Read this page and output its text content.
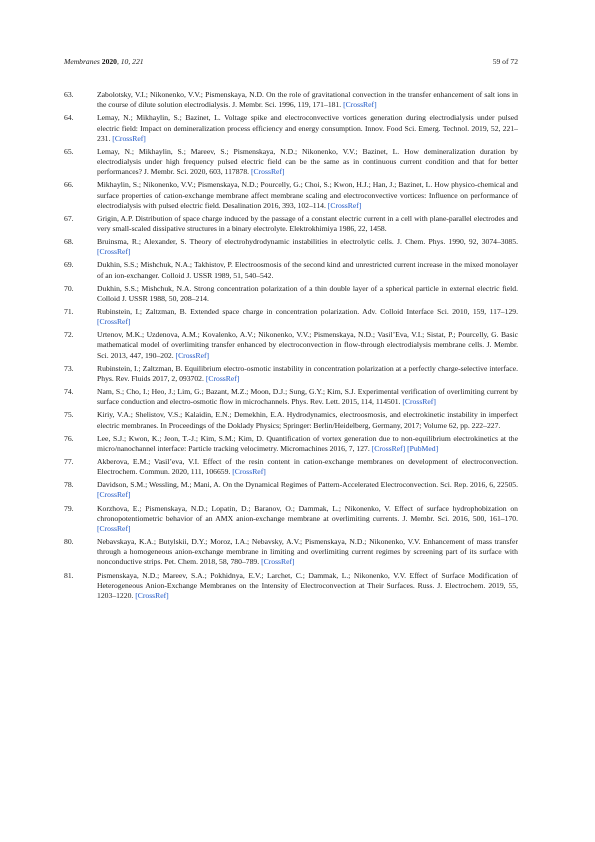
Membranes 2020, 10, 221	59 of 72
63.	Zabolotsky, V.I.; Nikonenko, V.V.; Pismenskaya, N.D. On the role of gravitational convection in the transfer enhancement of salt ions in the course of dilute solution electrodialysis. J. Membr. Sci. 1996, 119, 171–181. [CrossRef]
64.	Lemay, N.; Mikhaylin, S.; Bazinet, L. Voltage spike and electroconvective vortices generation during electrodialysis under pulsed electric field: Impact on demineralization process efficiency and energy consumption. Innov. Food Sci. Emerg. Technol. 2019, 52, 221–231. [CrossRef]
65.	Lemay, N.; Mikhaylin, S.; Mareev, S.; Pismenskaya, N.D.; Nikonenko, V.V.; Bazinet, L. How demineralization duration by electrodialysis under high frequency pulsed electric field can be the same as in continuous current condition and that for better performances? J. Membr. Sci. 2020, 603, 117878. [CrossRef]
66.	Mikhaylin, S.; Nikonenko, V.V.; Pismenskaya, N.D.; Pourcelly, G.; Choi, S.; Kwon, H.J.; Han, J.; Bazinet, L. How physico-chemical and surface properties of cation-exchange membrane affect membrane scaling and electroconvective vortices: Influence on performance of electrodialysis with pulsed electric field. Desalination 2016, 393, 102–114. [CrossRef]
67.	Grigin, A.P. Distribution of space charge induced by the passage of a constant electric current in a cell with plane-parallel electrodes and very small-scaled dissipative structures in a binary electrolyte. Elektrokhimiya 1986, 22, 1458.
68.	Bruinsma, R.; Alexander, S. Theory of electrohydrodynamic instabilities in electrolytic cells. J. Chem. Phys. 1990, 92, 3074–3085. [CrossRef]
69.	Dukhin, S.S.; Mishchuk, N.A.; Takhistov, P. Electroosmosis of the second kind and unrestricted current increase in the mixed monolayer of an ion-exchanger. Colloid J. USSR 1989, 51, 540–542.
70.	Dukhin, S.S.; Mishchuk, N.A. Strong concentration polarization of a thin double layer of a spherical particle in external electric field. Colloid J. USSR 1988, 50, 208–214.
71.	Rubinstein, I.; Zaltzman, B. Extended space charge in concentration polarization. Adv. Colloid Interface Sci. 2010, 159, 117–129. [CrossRef]
72.	Urtenov, M.K.; Uzdenova, A.M.; Kovalenko, A.V.; Nikonenko, V.V.; Pismenskaya, N.D.; Vasil’Eva, V.I.; Sistat, P.; Pourcelly, G. Basic mathematical model of overlimiting transfer enhanced by electroconvection in flow-through electrodialysis membrane cells. J. Membr. Sci. 2013, 447, 190–202. [CrossRef]
73.	Rubinstein, I.; Zaltzman, B. Equilibrium electro-osmotic instability in concentration polarization at a perfectly charge-selective interface. Phys. Rev. Fluids 2017, 2, 093702. [CrossRef]
74.	Nam, S.; Cho, I.; Heo, J.; Lim, G.; Bazant, M.Z.; Moon, D.J.; Sung, G.Y.; Kim, S.J. Experimental verification of overlimiting current by surface conduction and electro-osmotic flow in microchannels. Phys. Rev. Lett. 2015, 114, 114501. [CrossRef]
75.	Kiriy, V.A.; Shelistov, V.S.; Kalaidin, E.N.; Demekhin, E.A. Hydrodynamics, electroosmosis, and electrokinetic instability in imperfect electric membranes. In Proceedings of the Doklady Physics; Springer: Berlin/Heidelberg, Germany, 2017; Volume 62, pp. 222–227.
76.	Lee, S.J.; Kwon, K.; Jeon, T.-J.; Kim, S.M.; Kim, D. Quantification of vortex generation due to non-equilibrium electrokinetics at the micro/nanochannel interface: Particle tracking velocimetry. Micromachines 2016, 7, 127. [CrossRef] [PubMed]
77.	Akberova, E.M.; Vasil’eva, V.I. Effect of the resin content in cation-exchange membranes on development of electroconvection. Electrochem. Commun. 2020, 111, 106659. [CrossRef]
78.	Davidson, S.M.; Wessling, M.; Mani, A. On the Dynamical Regimes of Pattern-Accelerated Electroconvection. Sci. Rep. 2016, 6, 22505. [CrossRef]
79.	Korzhova, E.; Pismenskaya, N.D.; Lopatin, D.; Baranov, O.; Dammak, L.; Nikonenko, V. Effect of surface hydrophobization on chronopotentiometric behavior of an AMX anion-exchange membrane at overlimiting currents. J. Membr. Sci. 2016, 500, 161–170. [CrossRef]
80.	Nebavskaya, K.A.; Butylskii, D.Y.; Moroz, I.A.; Nebavsky, A.V.; Pismenskaya, N.D.; Nikonenko, V.V. Enhancement of mass transfer through a homogeneous anion-exchange membrane in limiting and overlimiting current regimes by screening part of its surface with nonconductive strips. Pet. Chem. 2018, 58, 780–789. [CrossRef]
81.	Pismenskaya, N.D.; Mareev, S.A.; Pokhidnya, E.V.; Larchet, C.; Dammak, L.; Nikonenko, V.V. Effect of Surface Modification of Heterogeneous Anion-Exchange Membranes on the Intensity of Electroconvection at Their Surfaces. Russ. J. Electrochem. 2019, 55, 1203–1220. [CrossRef]
